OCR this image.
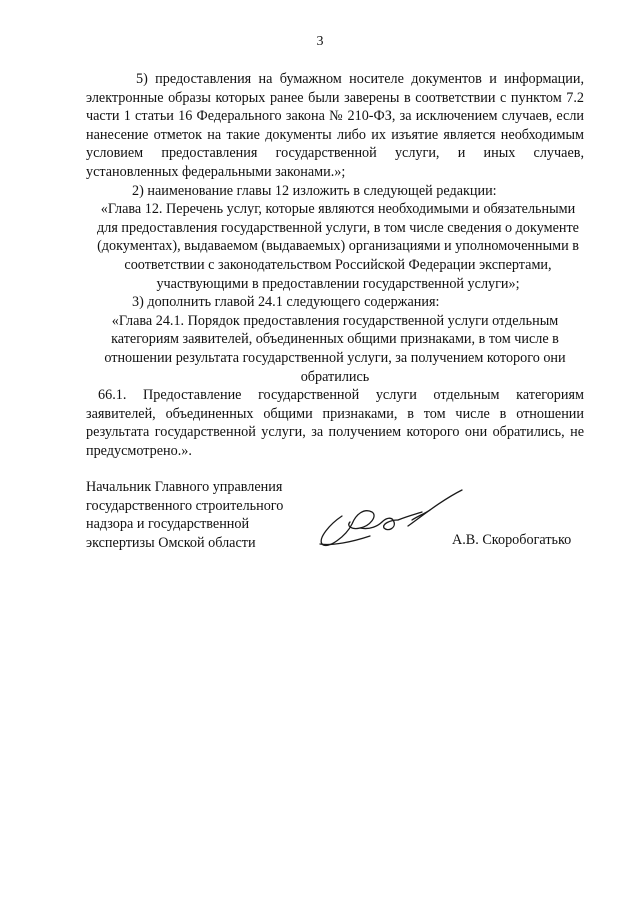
3

5) предоставления на бумажном носителе документов и информации, электронные образы которых ранее были заверены в соответствии с пунктом 7.2 части 1 статьи 16 Федерального закона № 210-ФЗ, за исключением случаев, если нанесение отметок на такие документы либо их изъятие является необходимым условием предоставления государственной услуги, и иных случаев, установленных федеральными законами.»;

2) наименование главы 12 изложить в следующей редакции:

«Глава 12. Перечень услуг, которые являются необходимыми и обязательными для предоставления государственной услуги, в том числе сведения о документе (документах), выдаваемом (выдаваемых) организациями и уполномоченными в соответствии с законодательством Российской Федерации экспертами, участвующими в предоставлении государственной услуги»;

3) дополнить главой 24.1 следующего содержания:

«Глава 24.1. Порядок предоставления государственной услуги отдельным категориям заявителей, объединенных общими признаками, в том числе в отношении результата государственной услуги, за получением которого они обратились

66.1. Предоставление государственной услуги отдельным категориям заявителей, объединенных общими признаками, в том числе в отношении результата государственной услуги, за получением которого они обратились, не предусмотрено.».

Начальник Главного управления
государственного строительного
надзора и государственной
экспертизы Омской области	А.В. Скоробогатько
